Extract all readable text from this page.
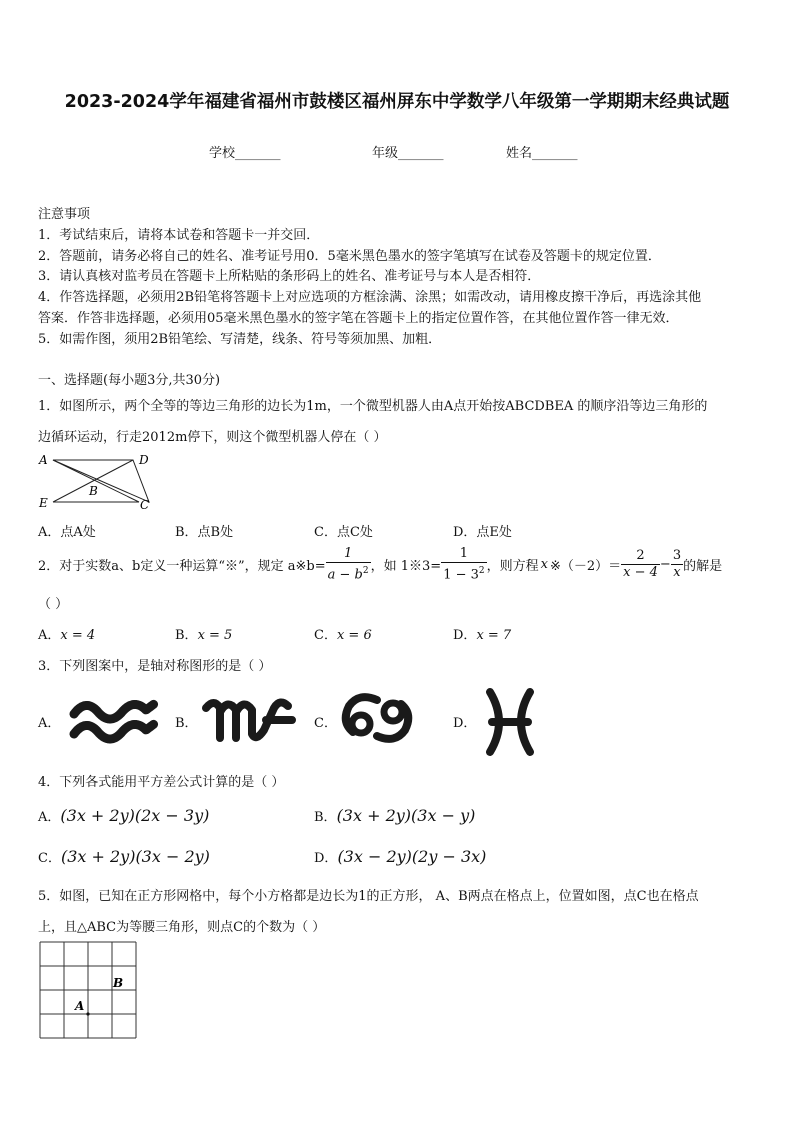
2023-2024学年福建省福州市鼓楼区福州屏东中学数学八年级第一学期期末经典试题
学校_______	年级_______	姓名_______
注意事项
1．考试结束后，请将本试卷和答题卡一并交回．
2．答题前，请务必将自己的姓名、准考证号用0．5毫米黑色墨水的签字笔填写在试卷及答题卡的规定位置．
3．请认真核对监考员在答题卡上所粘贴的条形码上的姓名、准考证号与本人是否相符．
4．作答选择题，必须用2B铅笔将答题卡上对应选项的方框涂满、涂黑；如需改动，请用橡皮擦干净后，再选涂其他
答案．作答非选择题，必须用05毫米黑色墨水的签字笔在答题卡上的指定位置作答，在其他位置作答一律无效．
5．如需作图，须用2B铅笔绘、写清楚，线条、符号等须加黑、加粗．
一、选择题(每小题3分,共30分)
1．如图所示，两个全等的等边三角形的边长为1m，一个微型机器人由A点开始按ABCDBEA 的顺序沿等边三角形的
边循环运动，行走2012m停下，则这个微型机器人停在（ ）
A	D
B
E	C
A．点A处	B．点B处	C．点C处	D．点E处
2．对于实数a、b定义一种运算“※”，规定 a※b= $\frac{1}{a - b^2}$ ，如 1※3= $\frac{1}{1 - 3^2}$ ，则方程 x ※（－2）＝ $\frac{2}{x - 4} - \frac{3}{x}$ 的解是
（ ）
A．x = 4	B．x = 5	C．x = 6	D．x = 7
3．下列图案中，是轴对称图形的是（ ）
A．	B．	C．	D．
4．下列各式能用平方差公式计算的是（ ）
A．(3x + 2y)(2x − 3y)	B．(3x + 2y)(3x − y)
C．(3x + 2y)(3x − 2y)	D．(3x − 2y)(2y − 3x)
5．如图，已知在正方形网格中，每个小方格都是边长为1的正方形， A、B两点在格点上，位置如图，点C也在格点
上，且△ABC为等腰三角形，则点C的个数为（ ）
A
B
